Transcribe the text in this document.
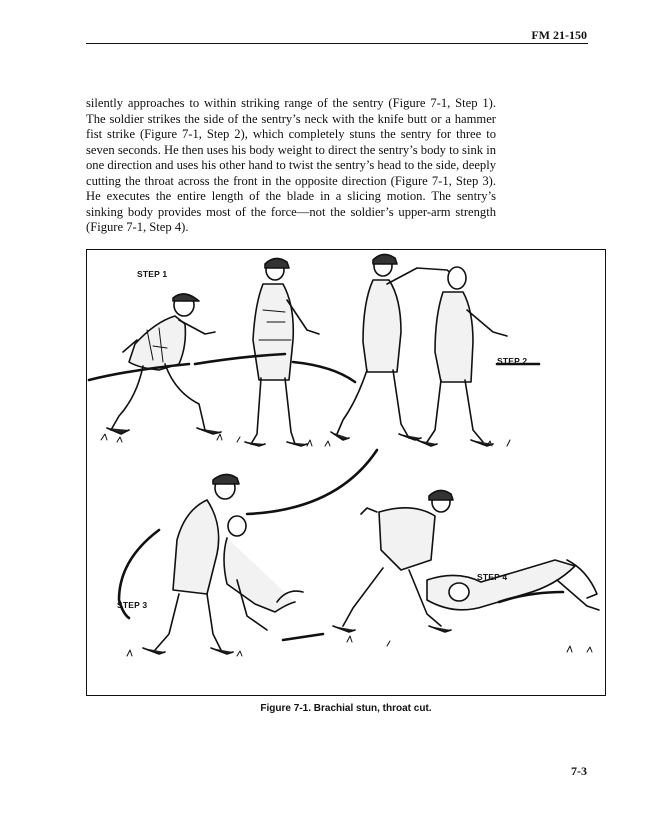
FM 21-150

silently approaches to within striking range of the sentry (Figure 7-1, Step 1). The soldier strikes the side of the sentry’s neck with the knife butt or a hammer fist strike (Figure 7-1, Step 2), which completely stuns the sentry for three to seven seconds. He then uses his body weight to direct the sentry’s body to sink in one direction and uses his other hand to twist the sentry’s head to the side, deeply cutting the throat across the front in the opposite direction (Figure 7-1, Step 3). He executes the entire length of the blade in a slicing motion. The sentry’s sinking body provides most of the force—not the soldier’s upper-arm strength (Figure 7-1, Step 4).

STEP 1
STEP 2
STEP 3
STEP 4
Figure 7-1. Brachial stun, throat cut.
7-3
